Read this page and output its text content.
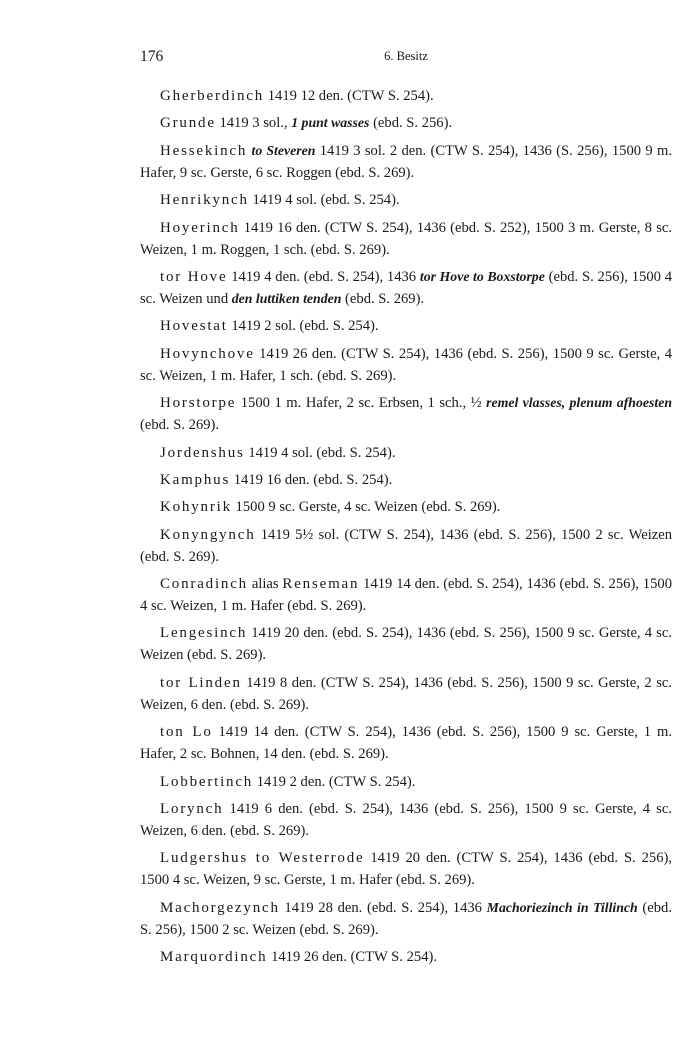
176	6. Besitz

Gherberdinch 1419 12 den. (CTW S. 254).

Grunde 1419 3 sol., 1 punt wasses (ebd. S. 256).

Hessekinch to Steveren 1419 3 sol. 2 den. (CTW S. 254), 1436 (S. 256), 1500 9 m. Hafer, 9 sc. Gerste, 6 sc. Roggen (ebd. S. 269).

Henrikynch 1419 4 sol. (ebd. S. 254).

Hoyerinch 1419 16 den. (CTW S. 254), 1436 (ebd. S. 252), 1500 3 m. Gerste, 8 sc. Weizen, 1 m. Roggen, 1 sch. (ebd. S. 269).

tor Hove 1419 4 den. (ebd. S. 254), 1436 tor Hove to Boxstorpe (ebd. S. 256), 1500 4 sc. Weizen und den luttiken tenden (ebd. S. 269).

Hovestat 1419 2 sol. (ebd. S. 254).

Hovynchove 1419 26 den. (CTW S. 254), 1436 (ebd. S. 256), 1500 9 sc. Gerste, 4 sc. Weizen, 1 m. Hafer, 1 sch. (ebd. S. 269).

Horstorpe 1500 1 m. Hafer, 2 sc. Erbsen, 1 sch., ½ remel vlasses, plenum afhoesten (ebd. S. 269).

Jordenshus 1419 4 sol. (ebd. S. 254).

Kamphus 1419 16 den. (ebd. S. 254).

Kohynrik 1500 9 sc. Gerste, 4 sc. Weizen (ebd. S. 269).

Konyngynch 1419 5½ sol. (CTW S. 254), 1436 (ebd. S. 256), 1500 2 sc. Weizen (ebd. S. 269).

Conradinch alias Renseman 1419 14 den. (ebd. S. 254), 1436 (ebd. S. 256), 1500 4 sc. Weizen, 1 m. Hafer (ebd. S. 269).

Lengesinch 1419 20 den. (ebd. S. 254), 1436 (ebd. S. 256), 1500 9 sc. Gerste, 4 sc. Weizen (ebd. S. 269).

tor Linden 1419 8 den. (CTW S. 254), 1436 (ebd. S. 256), 1500 9 sc. Gerste, 2 sc. Weizen, 6 den. (ebd. S. 269).

ton Lo 1419 14 den. (CTW S. 254), 1436 (ebd. S. 256), 1500 9 sc. Gerste, 1 m. Hafer, 2 sc. Bohnen, 14 den. (ebd. S. 269).

Lobbertinch 1419 2 den. (CTW S. 254).

Lorynch 1419 6 den. (ebd. S. 254), 1436 (ebd. S. 256), 1500 9 sc. Gerste, 4 sc. Weizen, 6 den. (ebd. S. 269).

Ludgershus to Westerrode 1419 20 den. (CTW S. 254), 1436 (ebd. S. 256), 1500 4 sc. Weizen, 9 sc. Gerste, 1 m. Hafer (ebd. S. 269).

Machorgezynch 1419 28 den. (ebd. S. 254), 1436 Machoriezinch in Tillinch (ebd. S. 256), 1500 2 sc. Weizen (ebd. S. 269).

Marquordinch 1419 26 den. (CTW S. 254).
